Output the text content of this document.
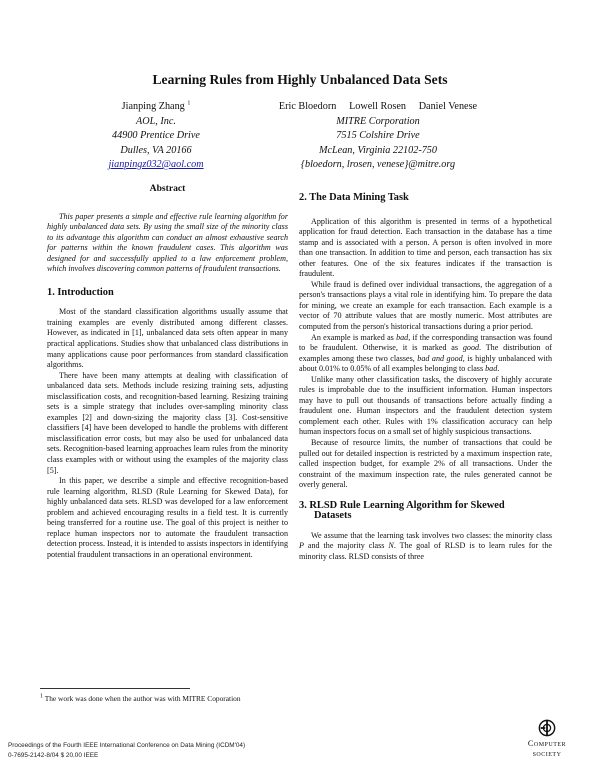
Learning Rules from Highly Unbalanced Data Sets
Jianping Zhang $^1$
AOL, Inc.
44900 Prentice Drive
Dulles, VA 20166
jianpingz032@aol.com
Eric Bloedorn     Lowell Rosen     Daniel Venese
MITRE Corporation
7515 Colshire Drive
McLean, Virginia 22102-750
{bloedorn, lrosen, venese}@mitre.org
Abstract

This paper presents a simple and effective rule learning algorithm for highly unbalanced data sets. By using the small size of the minority class to its advantage this algorithm can conduct an almost exhaustive search for patterns within the known fraudulent cases. This algorithm was designed for and successfully applied to a law enforcement problem, which involves discovering common patterns of fraudulent transactions.

1. Introduction

Most of the standard classification algorithms usually assume that training examples are evenly distributed among different classes. However, as indicated in [1], unbalanced data sets often appear in many practical applications. Studies show that unbalanced class distributions in many applications cause poor performances from standard classification algorithms.

There have been many attempts at dealing with classification of unbalanced data sets. Methods include resizing training sets, adjusting misclassification costs, and recognition-based learning. Resizing training sets is a simple strategy that includes over-sampling minority class examples [2] and down-sizing the majority class [3]. Cost-sensitive classifiers [4] have been developed to handle the problems with different misclassification error costs, but may also be used for unbalanced data sets. Recognition-based learning approaches learn rules from the minority class examples with or without using the examples of the majority class [5].

In this paper, we describe a simple and effective recognition-based rule learning algorithm, RLSD (Rule Learning for Skewed Data), for highly unbalanced data sets. RLSD was developed for a law enforcement problem and achieved encouraging results in a field test. It is currently being transferred for a routine use. The goal of this project is neither to replace human inspectors nor to automate the fraudulent transaction detection process. Instead, it is intended to assists inspectors in identifying potential fraudulent transactions in an operational environment.

2. The Data Mining Task

Application of this algorithm is presented in terms of a hypothetical application for fraud detection. Each transaction in the database has a time stamp and is associated with a person. A person is often involved in more than one transaction. In addition to time and person, each transaction has six other features. One of the six features indicates if the transaction is fraudulent.

While fraud is defined over individual transactions, the aggregation of a person's transactions plays a vital role in identifying him. To prepare the data for mining, we create an example for each transaction. Each example is a vector of 70 attribute values that are mostly numeric. Most attributes are computed from the person's historical transactions during a prior period.

An example is marked as bad, if the corresponding transaction was found to be fraudulent. Otherwise, it is marked as good. The distribution of examples among these two classes, bad and good, is highly unbalanced with about 0.01% to 0.05% of all examples belonging to class bad.

Unlike many other classification tasks, the discovery of highly accurate rules is improbable due to the insufficient information. Human inspectors may have to pull out thousands of transactions before actually finding a fraudulent one. Human inspectors and the fraudulent detection system complement each other. Rules with 1% classification accuracy can help human inspectors focus on a small set of highly suspicious transactions.

Because of resource limits, the number of transactions that could be pulled out for detailed inspection is restricted by a maximum inspection rate, called inspection budget, for example 2% of all transactions. Under the constraint of the maximum inspection rate, the rules generated cannot be overly general.

3. RLSD Rule Learning Algorithm for Skewed
Datasets

We assume that the learning task involves two classes: the minority class P and the majority class N. The goal of RLSD is to learn rules for the minority class. RLSD consists of three

$^1$ The work was done when the author was with MITRE Coporation
Proceedings of the Fourth IEEE International Conference on Data Mining (ICDM'04)
0-7695-2142-8/04 $ 20.00 IEEE
Computer
society
